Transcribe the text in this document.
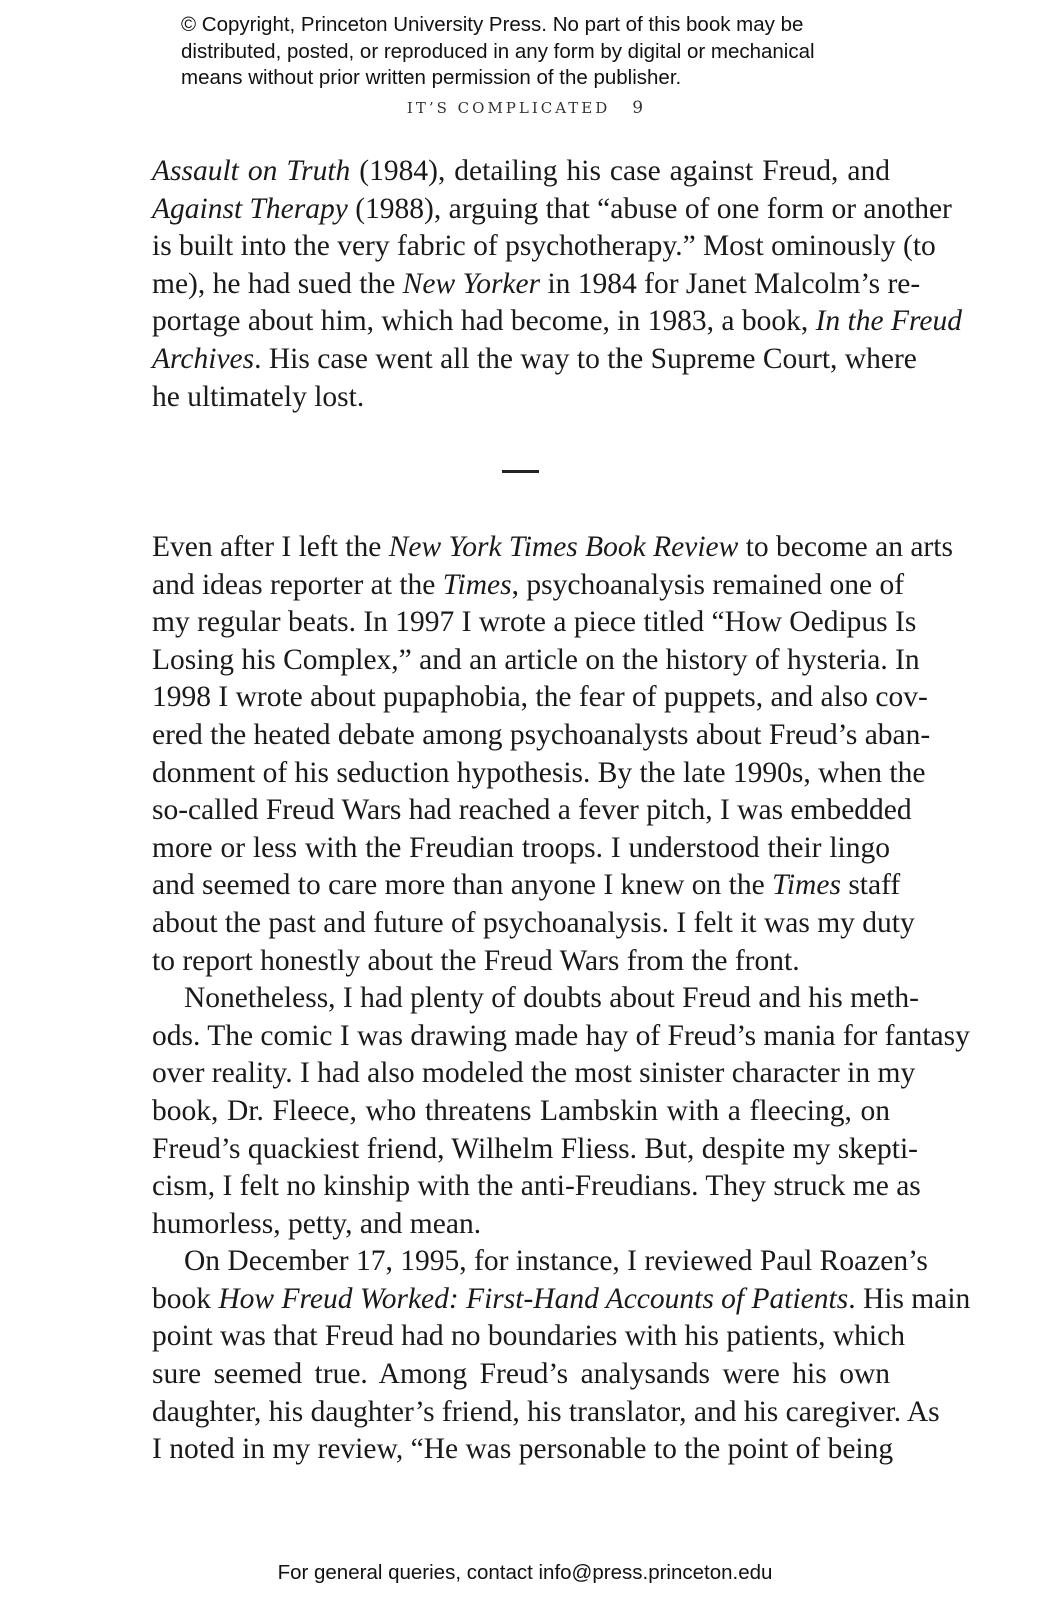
© Copyright, Princeton University Press. No part of this book may be
distributed, posted, or reproduced in any form by digital or mechanical
means without prior written permission of the publisher.
IT’S COMPLICATED 9
Assault on Truth (1984), detailing his case against Freud, and
Against Therapy (1988), arguing that “abuse of one form or another
is built into the very fabric of psychotherapy.” Most ominously (to
me), he had sued the New Yorker in 1984 for Janet Malcolm’s re-
portage about him, which had become, in 1983, a book, In the Freud
Archives. His case went all the way to the Supreme Court, where
he ultimately lost.
Even after I left the New York Times Book Review to become an arts
and ideas reporter at the Times, psychoanalysis remained one of
my regular beats. In 1997 I wrote a piece titled “How Oedipus Is
Losing his Complex,” and an article on the history of hysteria. In
1998 I wrote about pupaphobia, the fear of puppets, and also cov-
ered the heated debate among psychoanalysts about Freud’s aban-
donment of his seduction hypothesis. By the late 1990s, when the
so-called Freud Wars had reached a fever pitch, I was embedded
more or less with the Freudian troops. I understood their lingo
and seemed to care more than anyone I knew on the Times staff
about the past and future of psychoanalysis. I felt it was my duty
to report honestly about the Freud Wars from the front.
Nonetheless, I had plenty of doubts about Freud and his meth-
ods. The comic I was drawing made hay of Freud’s mania for fantasy
over reality. I had also modeled the most sinister character in my
book, Dr. Fleece, who threatens Lambskin with a fleecing, on
Freud’s quackiest friend, Wilhelm Fliess. But, despite my skepti-
cism, I felt no kinship with the anti-Freudians. They struck me as
humorless, petty, and mean.
On December 17, 1995, for instance, I reviewed Paul Roazen’s
book How Freud Worked: First-Hand Accounts of Patients. His main
point was that Freud had no boundaries with his patients, which
sure seemed true. Among Freud’s analysands were his own
daughter, his daughter’s friend, his translator, and his caregiver. As
I noted in my review, “He was personable to the point of being
For general queries, contact info@press.princeton.edu
